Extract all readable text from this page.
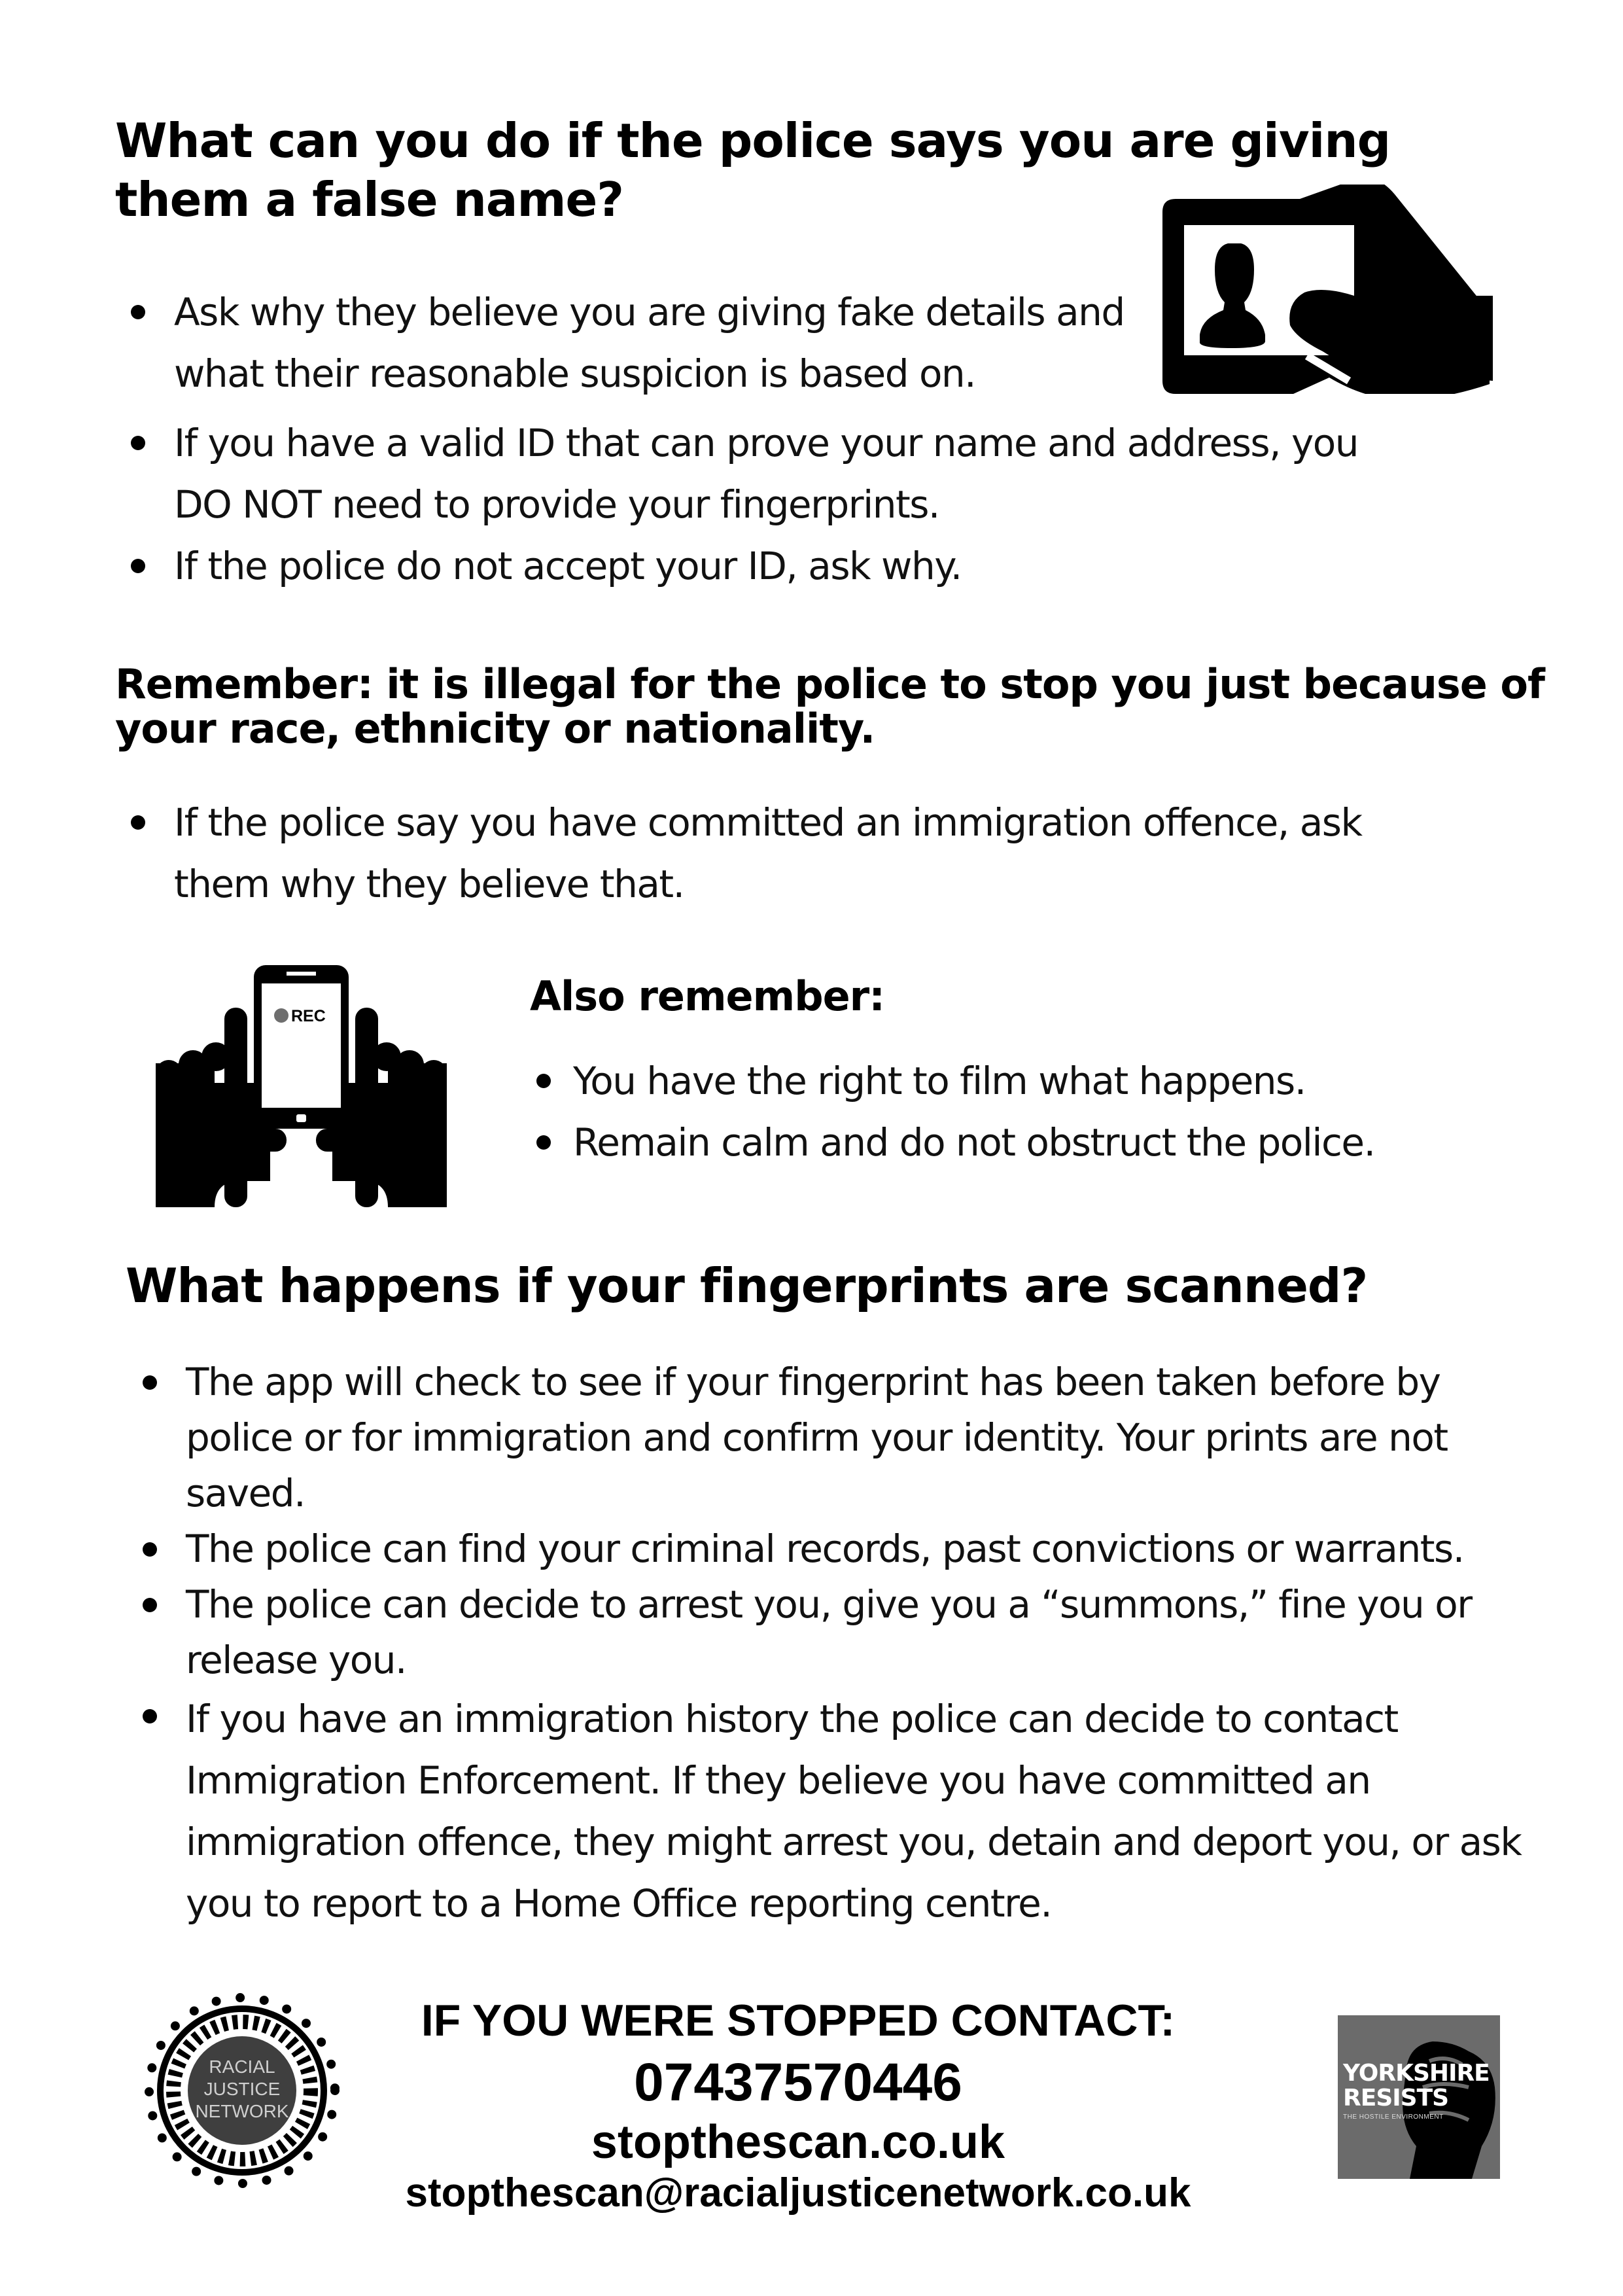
What can you do if the police says you are giving them a false name?
Ask why they believe you are giving fake details and what their reasonable suspicion is based on.
If you have a valid ID that can prove your name and address, you DO NOT need to provide your fingerprints.
If the police do not accept your ID, ask why.
Remember: it is illegal for the police to stop you just because of your race, ethnicity or nationality.
If the police say you have committed an immigration offence, ask them why they believe that.
REC	Also remember:
You have the right to film what happens.
Remain calm and do not obstruct the police.
What happens if your fingerprints are scanned?
The app will check to see if your fingerprint has been taken before by police or for immigration and confirm your identity. Your prints are not saved.
The police can find your criminal records, past convictions or warrants.
The police can decide to arrest you, give you a “summons,” fine you or release you.
If you have an immigration history the police can decide to contact Immigration Enforcement. If they believe you have committed an immigration offence, they might arrest you, detain and deport you, or ask you to report to a Home Office reporting centre.
RACIAL
JUSTICE
NETWORK
IF YOU WERE STOPPED CONTACT:
07437570446
stopthescan.co.uk
stopthescan@racialjusticenetwork.co.uk
YORKSHIRE
RESISTS
THE HOSTILE ENVIRONMENT
